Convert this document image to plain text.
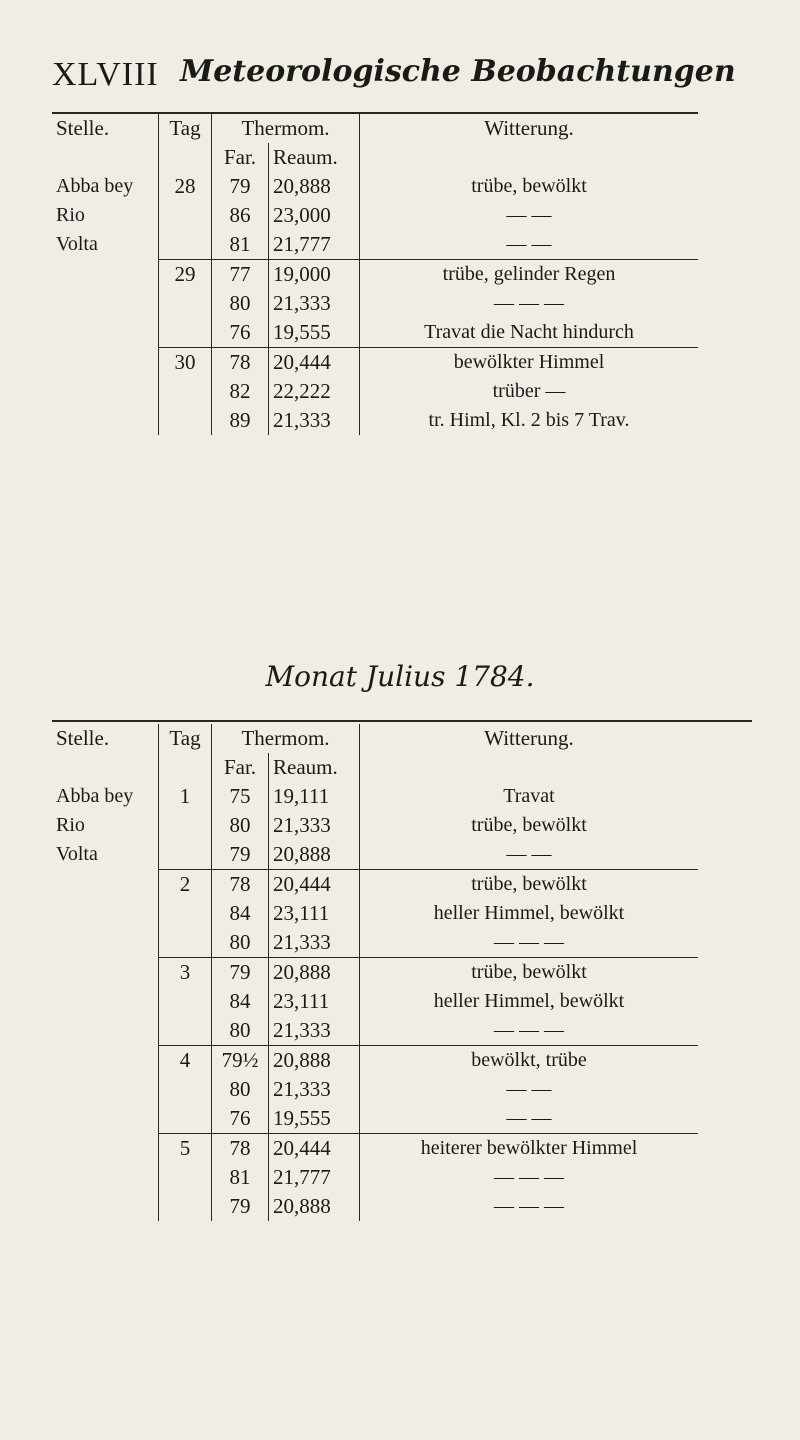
XLVIII Meteorologische Beobachtungen
Stelle.	Tag	Thermom.		Witterung.
		Far.	Reaum.	
Abba bey	28	79	20,888	trübe, bewölkt
Rio		86	23,000	— —
Volta		81	21,777	— —
	29	77	19,000	trübe, gelinder Regen
		80	21,333	— — —
		76	19,555	Travat die Nacht hindurch
	30	78	20,444	bewölkter Himmel
		82	22,222	trüber —
		89	21,333	tr. Himl, Kl. 2 bis 7 Trav.
Monat Julius 1784.
Stelle.	Tag	Thermom.		Witterung.
		Far.	Reaum.	
Abba bey	1	75	19,111	Travat
Rio		80	21,333	trübe, bewölkt
Volta		79	20,888	— —
	2	78	20,444	trübe, bewölkt
		84	23,111	heller Himmel, bewölkt
		80	21,333	— — —
	3	79	20,888	trübe, bewölkt
		84	23,111	heller Himmel, bewölkt
		80	21,333	— — —
	4	79½	20,888	bewölkt, trübe
		80	21,333	— —
		76	19,555	— —
	5	78	20,444	heiterer bewölkter Himmel
		81	21,777	— — —
		79	20,888	— — —
